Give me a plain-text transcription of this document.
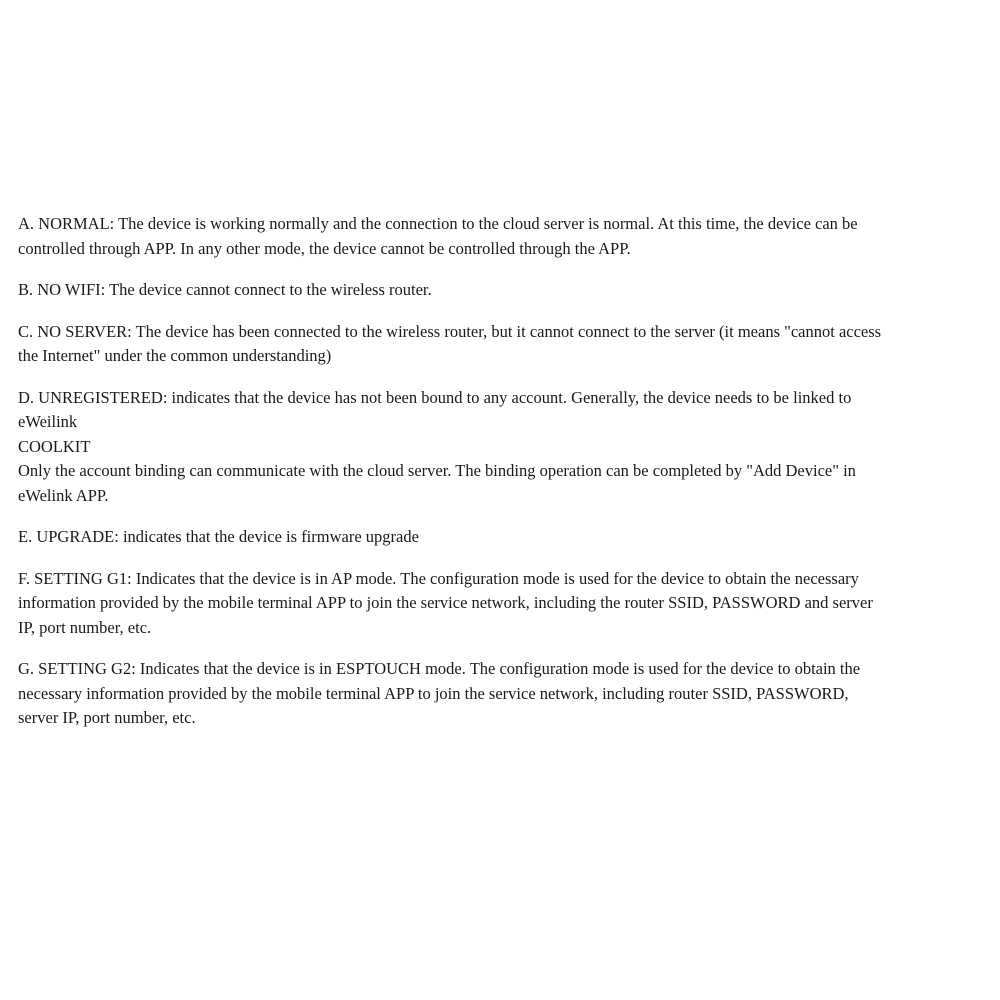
A. NORMAL: The device is working normally and the connection to the cloud server is normal. At this time, the device can be
controlled through APP. In any other mode, the device cannot be controlled through the APP.

B. NO WIFI: The device cannot connect to the wireless router.

C. NO SERVER: The device has been connected to the wireless router, but it cannot connect to the server (it means "cannot access
the Internet" under the common understanding)

D. UNREGISTERED: indicates that the device has not been bound to any account. Generally, the device needs to be linked to
eWeilink
COOLKIT
Only the account binding can communicate with the cloud server. The binding operation can be completed by "Add Device" in
eWelink APP.

E. UPGRADE: indicates that the device is firmware upgrade

F. SETTING G1: Indicates that the device is in AP mode. The configuration mode is used for the device to obtain the necessary
information provided by the mobile terminal APP to join the service network, including the router SSID, PASSWORD and server
IP, port number, etc.

G. SETTING G2: Indicates that the device is in ESPTOUCH mode. The configuration mode is used for the device to obtain the
necessary information provided by the mobile terminal APP to join the service network, including router SSID, PASSWORD,
server IP, port number, etc.
